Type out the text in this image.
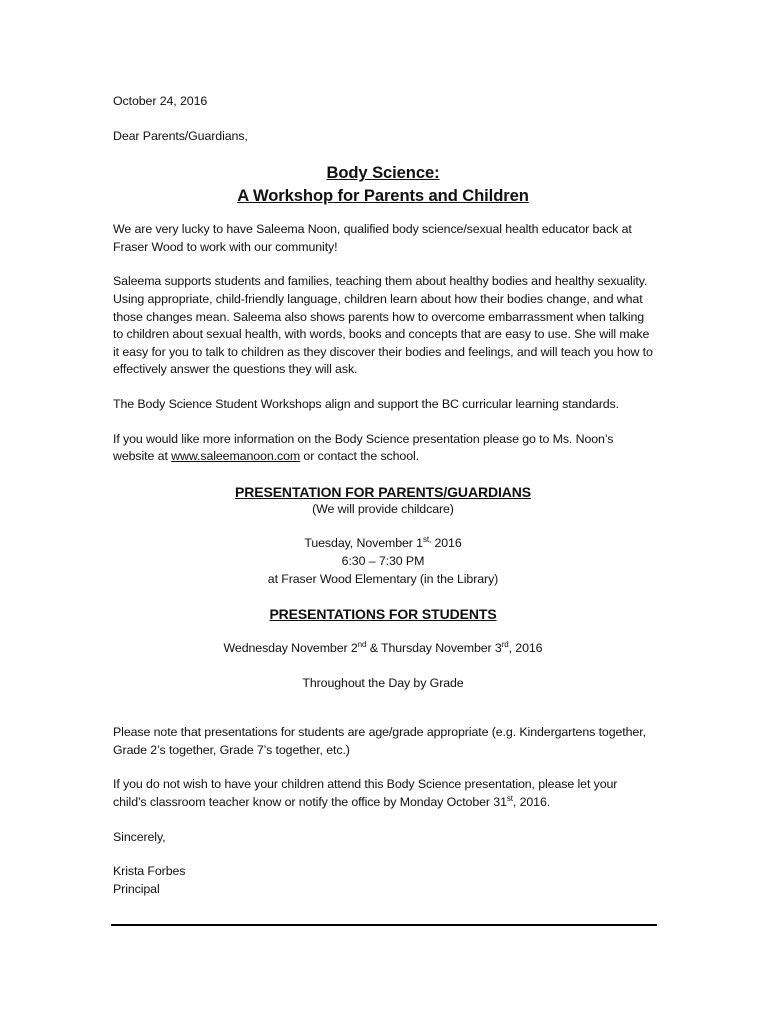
October 24, 2016

Dear Parents/Guardians,

Body Science:
A Workshop for Parents and Children

We are very lucky to have Saleema Noon, qualified body science/sexual health educator back at Fraser Wood to work with our community!

Saleema supports students and families, teaching them about healthy bodies and healthy sexuality. Using appropriate, child-friendly language, children learn about how their bodies change, and what those changes mean. Saleema also shows parents how to overcome embarrassment when talking to children about sexual health, with words, books and concepts that are easy to use. She will make it easy for you to talk to children as they discover their bodies and feelings, and will teach you how to effectively answer the questions they will ask.

The Body Science Student Workshops align and support the BC curricular learning standards.

If you would like more information on the Body Science presentation please go to Ms. Noon’s website at www.saleemanoon.com or contact the school.

PRESENTATION FOR PARENTS/GUARDIANS

(We will provide childcare)

Tuesday, November $1^{st,}$ 2016

6:30 – 7:30 PM

at Fraser Wood Elementary (in the Library)

PRESENTATIONS FOR STUDENTS

Wednesday November 2nd & Thursday November 3rd, 2016

Throughout the Day by Grade

Please note that presentations for students are age/grade appropriate (e.g. Kindergartens together, Grade 2’s together, Grade 7’s together, etc.)

If you do not wish to have your children attend this Body Science presentation, please let your child’s classroom teacher know or notify the office by Monday October 31st, 2016.

Sincerely,

Krista Forbes

Principal
